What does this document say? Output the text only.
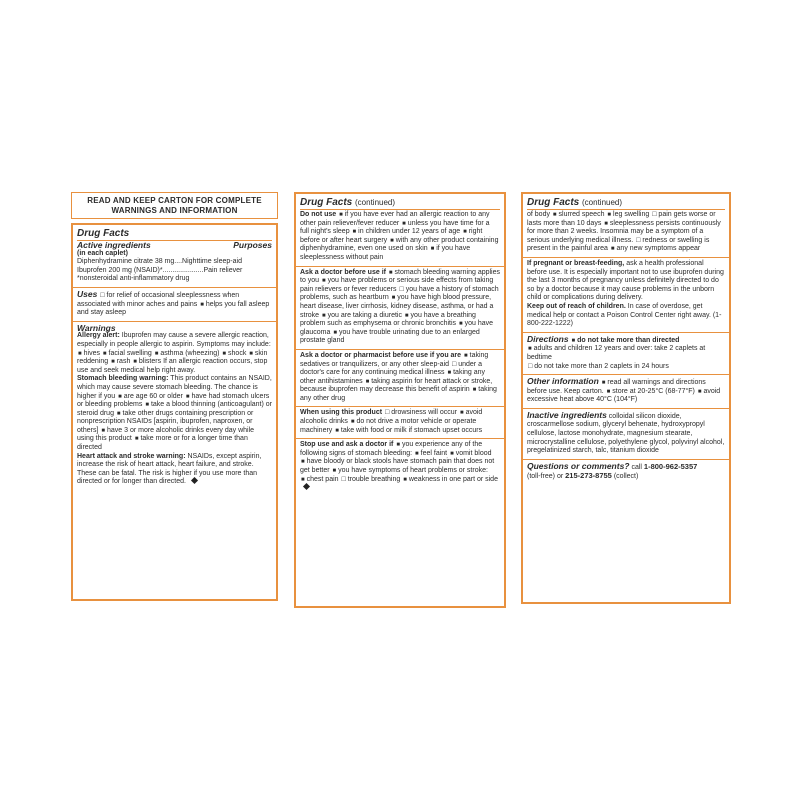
READ AND KEEP CARTON FOR COMPLETE WARNINGS AND INFORMATION
Drug Facts
Active ingredients	Purposes
(in each caplet)
Diphenhydramine citrate 38 mg....Nighttime sleep-aid
Ibuprofen 200 mg (NSAID)*.....................Pain reliever
*nonsteroidal anti-inflammatory drug
Uses □ for relief of occasional sleeplessness when associated with minor aches and pains ■ helps you fall asleep and stay asleep
Warnings
Allergy alert: Ibuprofen may cause a severe allergic reaction, especially in people allergic to aspirin. Symptoms may include: ■ hives ■ facial swelling ■ asthma (wheezing) ■ shock ■ skin reddening ■ rash ■ blisters If an allergic reaction occurs, stop use and seek medical help right away.
Stomach bleeding warning: This product contains an NSAID, which may cause severe stomach bleeding. The chance is higher if you ■ are age 60 or older ■ have had stomach ulcers or bleeding problems ■ take a blood thinning (anticoagulant) or steroid drug ■ take other drugs containing prescription or nonprescription NSAIDs [aspirin, ibuprofen, naproxen, or others] ■ have 3 or more alcoholic drinks every day while using this product ■ take more or for a longer time than directed
Heart attack and stroke warning: NSAIDs, except aspirin, increase the risk of heart attack, heart failure, and stroke. These can be fatal. The risk is higher if you use more than directed or for longer than directed.
Drug Facts (continued)
Do not use ■ if you have ever had an allergic reaction to any other pain reliever/fever reducer ■ unless you have time for a full night's sleep ■ in children under 12 years of age ■ right before or after heart surgery ■ with any other product containing diphenhydramine, even one used on skin ■ if you have sleeplessness without pain
Ask a doctor before use if ■ stomach bleeding warning applies to you ■ you have problems or serious side effects from taking pain relievers or fever reducers □ you have a history of stomach problems, such as heartburn ■ you have high blood pressure, heart disease, liver cirrhosis, kidney disease, asthma, or had a stroke ■ you are taking a diuretic ■ you have a breathing problem such as emphysema or chronic bronchitis ■ you have glaucoma ■ you have trouble urinating due to an enlarged prostate gland
Ask a doctor or pharmacist before use if you are ■ taking sedatives or tranquilizers, or any other sleep-aid □ under a doctor's care for any continuing medical illness ■ taking any other antihistamines ■ taking aspirin for heart attack or stroke, because ibuprofen may decrease this benefit of aspirin ■ taking any other drug
When using this product □ drowsiness will occur ■ avoid alcoholic drinks ■ do not drive a motor vehicle or operate machinery ■ take with food or milk if stomach upset occurs
Stop use and ask a doctor if ■ you experience any of the following signs of stomach bleeding: ■ feel faint ■ vomit blood ■ have bloody or black stools have stomach pain that does not get better ■ you have symptoms of heart problems or stroke: ■ chest pain □ trouble breathing ■ weakness in one part or side
Drug Facts (continued)
of body ■ slurred speech ■ leg swelling □ pain gets worse or lasts more than 10 days ■ sleeplessness persists continuously for more than 2 weeks. Insomnia may be a symptom of a serious underlying medical illness. □ redness or swelling is present in the painful area ■ any new symptoms appear
If pregnant or breast-feeding, ask a health professional before use. It is especially important not to use ibuprofen during the last 3 months of pregnancy unless definitely directed to do so by a doctor because it may cause problems in the unborn child or complications during delivery.
Keep out of reach of children. In case of overdose, get medical help or contact a Poison Control Center right away. (1-800-222-1222)
Directions ■ do not take more than directed
■ adults and children 12 years and over: take 2 caplets at bedtime
□ do not take more than 2 caplets in 24 hours
Other information ■ read all warnings and directions before use. Keep carton. ■ store at 20-25°C (68-77°F) ■ avoid excessive heat above 40°C (104°F)
Inactive ingredients colloidal silicon dioxide, croscarmellose sodium, glyceryl behenate, hydroxypropyl cellulose, lactose monohydrate, magnesium stearate, microcrystalline cellulose, polyethylene glycol, polyvinyl alcohol, pregelatinized starch, talc, titanium dioxide
Questions or comments? call 1-800-962-5357
(toll-free) or 215-273-8755 (collect)
